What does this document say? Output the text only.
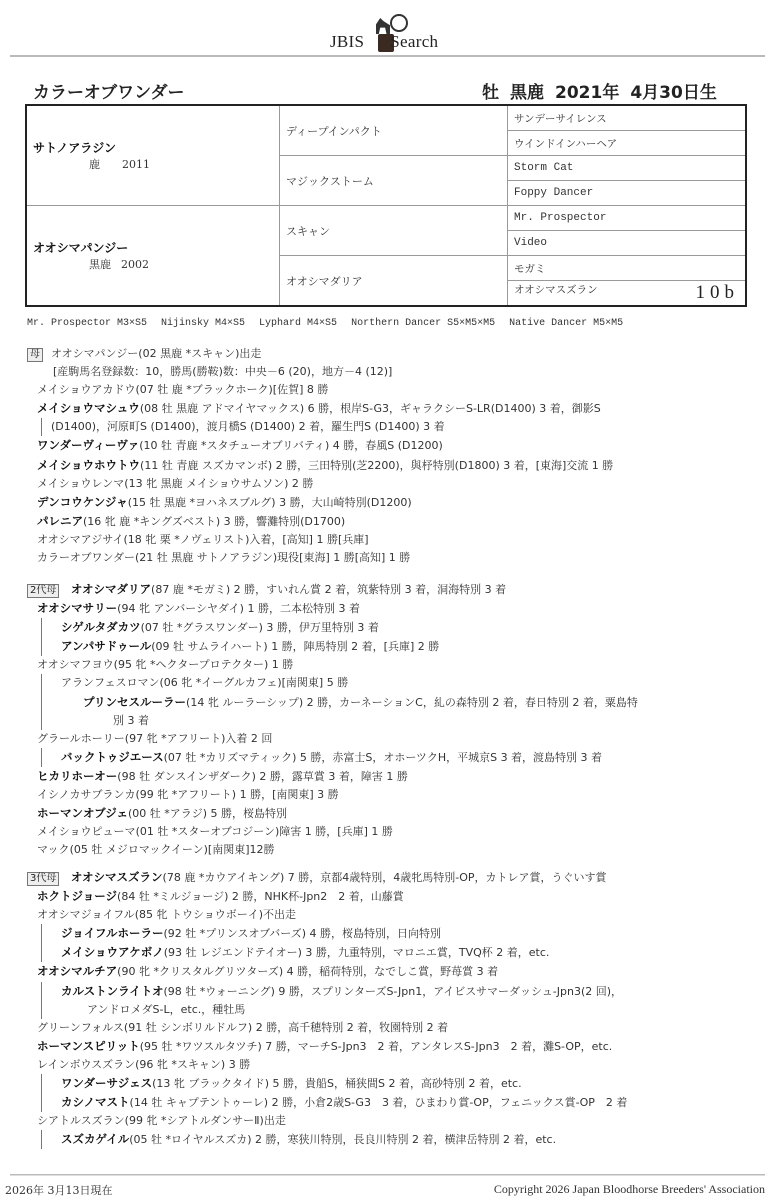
JBIS Search
カラーオブワンダー	牡 黒鹿 2021年 4月30日生
サトノアラジン
鹿 2011	ディープインパクト	サンデーサイレンス
		ウインドインハーヘア
	マジックストーム	Storm Cat
		Foppy Dancer

オオシマパンジー
黒鹿 2002	スキャン	Mr. Prospector
		Video
	オオシマダリア	モガミ
		オオシマスズラン 10b
Mr. Prospector M3×S5 Nijinsky M4×S5 Lyphard M4×S5 Northern Dancer S5×M5×M5 Native Dancer M5×M5
母 オオシマパンジー(02 黒鹿 *スキャン)出走
[産駒馬名登録数：10，勝馬(勝鞍)数：中央－6 (20)，地方－4 (12)]
メイショウアカドウ(07 牡 鹿 *ブラックホーク)[佐賀] 8 勝
メイショウマシュウ(08 牡 黒鹿 アドマイヤマックス) 6 勝，根岸S-G3，ギャラクシーS-LR(D1400) 3 着，御影S
(D1400)，河原町S (D1400)，渡月橋S (D1400) 2 着，羅生門S (D1400) 3 着
ワンダーヴィーヴァ(10 牡 青鹿 *スタチューオブリバティ) 4 勝，春風S (D1200)
メイショウホウトウ(11 牡 青鹿 スズカマンボ) 2 勝，三田特別(芝2200)，與杼特別(D1800) 3 着，[東海]交流 1 勝
メイショウレンマ(13 牝 黒鹿 メイショウサムソン) 2 勝
デンコウケンジャ(15 牡 黒鹿 *ヨハネスブルグ) 3 勝，大山崎特別(D1200)
パレニア(16 牝 鹿 *キングズベスト) 3 勝，響灘特別(D1700)
オオシマアジサイ(18 牝 栗 *ノヴェリスト)入着，[高知] 1 勝[兵庫]
カラーオブワンダー(21 牡 黒鹿 サトノアラジン)現役[東海] 1 勝[高知] 1 勝
2代母 オオシマダリア(87 鹿 *モガミ) 2 勝，すいれん賞 2 着，筑紫特別 3 着，洞海特別 3 着
オオシマサリー(94 牝 アンバーシヤダイ) 1 勝，二本松特別 3 着
シゲルタダカツ(07 牡 *グラスワンダー) 3 勝，伊万里特別 3 着
アンパサドゥール(09 牡 サムライハート) 1 勝，陣馬特別 2 着，[兵庫] 2 勝
オオシマフヨウ(95 牝 *ヘクタープロテクター) 1 勝
アランフェスロマン(06 牝 *イーグルカフェ)[南関東] 5 勝
プリンセスルーラー(14 牝 ルーラーシップ) 2 勝，カーネーションC，糺の森特別 2 着，春日特別 2 着，粟島特
別 3 着
グラールホーリー(97 牝 *アフリート)入着 2 回
バックトゥジエース(07 牡 *カリズマティック) 5 勝，赤富士S，オホーツクH，平城京S 3 着，渡島特別 3 着
ヒカリホーオー(98 牡 ダンスインザダーク) 2 勝，露草賞 3 着，障害 1 勝
イシノカサブランカ(99 牝 *アフリート) 1 勝，[南関東] 3 勝
ホーマンオブジェ(00 牡 *アラジ) 5 勝，桜島特別
メイショウピューマ(01 牡 *スターオブコジーン)障害 1 勝，[兵庫] 1 勝
マック(05 牡 メジロマックイーン)[南関東]12勝
3代母 オオシマスズラン(78 鹿 *カウアイキング) 7 勝，京都4歳特別，4歳牝馬特別-OP，カトレア賞，うぐいす賞
ホクトジョージ(84 牡 *ミルジョージ) 2 勝，NHK杯-Jpn2　2 着，山藤賞
オオシマジョイフル(85 牝 トウショウボーイ)不出走
ジョイフルホーラー(92 牡 *プリンスオブバーズ) 4 勝，桜島特別，日向特別
メイショウアケボノ(93 牡 レジエンドテイオー) 3 勝，九重特別，マロニエ賞，TVQ杯 2 着，etc.
オオシマルチア(90 牝 *クリスタルグリツターズ) 4 勝，稲荷特別，なでしこ賞，野苺賞 3 着
カルストンライトオ(98 牡 *ウォーニング) 9 勝，スプリンターズS-Jpn1，アイビスサマーダッシュ-Jpn3(2 回)，
アンドロメダS-L，etc.，種牡馬
グリーンフォルス(91 牡 シンボリルドルフ) 2 勝，高千穂特別 2 着，牧園特別 2 着
ホーマンスピリット(95 牡 *ワツスルタツチ) 7 勝，マーチS-Jpn3　2 着，アンタレスS-Jpn3　2 着，灘S-OP，etc.
レインボウスズラン(96 牝 *スキャン) 3 勝
ワンダーサジェス(13 牝 ブラックタイド) 5 勝，貴船S，桶狭間S 2 着，高砂特別 2 着，etc.
カシノマスト(14 牡 キャプテントゥーレ) 2 勝，小倉2歳S-G3　3 着，ひまわり賞-OP，フェニックス賞-OP　2 着
シアトルスズラン(99 牝 *シアトルダンサーⅡ)出走
スズカゲイル(05 牡 *ロイヤルスズカ) 2 勝，寒狭川特別，長良川特別 2 着，横津岳特別 2 着，etc.
2026年 3月13日現在	Copyright 2026 Japan Bloodhorse Breeders' Association
